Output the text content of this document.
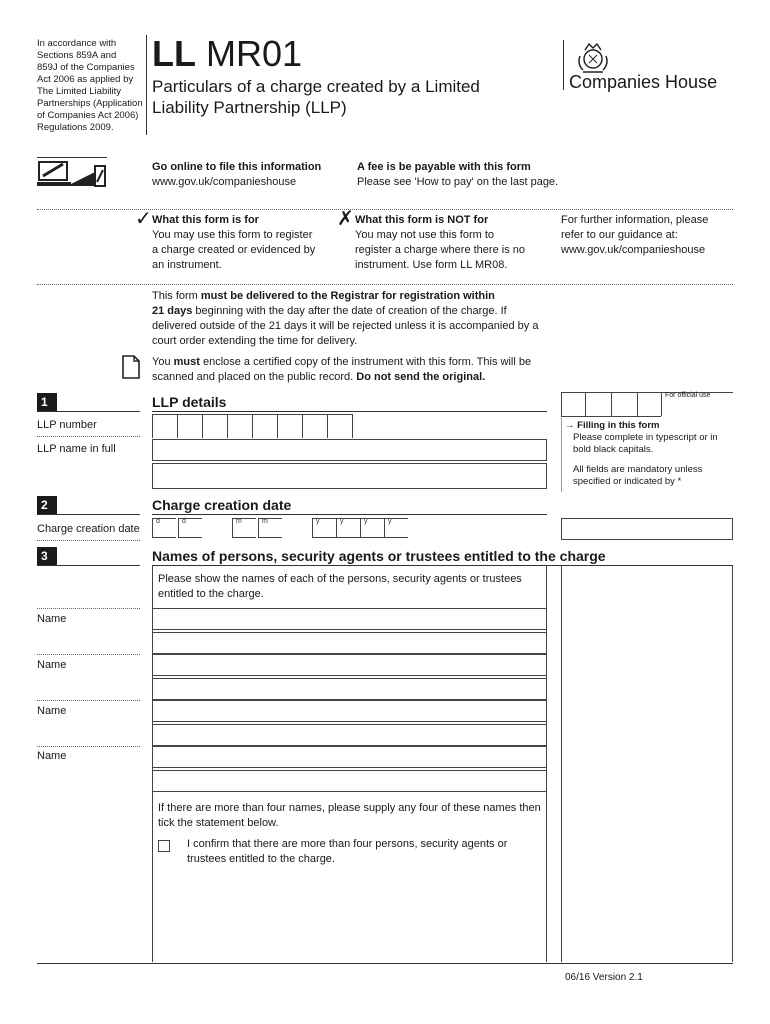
In accordance with
Sections 859A and
859J of the Companies
Act 2006 as applied by
The Limited Liability
Partnerships (Application
of Companies Act 2006)
Regulations 2009.
LL MR01
Particulars of a charge created by a Limited
Liability Partnership (LLP)
Companies House
Go online to file this information
www.gov.uk/companieshouse
A fee is be payable with this form
Please see 'How to pay' on the last page.
✓ What this form is for
You may use this form to register
a charge created or evidenced by
an instrument.
✗ What this form is NOT for
You may not use this form to
register a charge where there is no
instrument. Use form LL MR08.
For further information, please
refer to our guidance at:
www.gov.uk/companieshouse
This form must be delivered to the Registrar for registration within
21 days beginning with the day after the date of creation of the charge. If
delivered outside of the 21 days it will be rejected unless it is accompanied by a
court order extending the time for delivery.
You must enclose a certified copy of the instrument with this form. This will be
scanned and placed on the public record. Do not send the original.
For official use
1	LLP details
LLP number
LLP name in full
→ Filling in this form
Please complete in typescript or in
bold black capitals.
All fields are mandatory unless
specified or indicated by *
2	Charge creation date
Charge creation date
d	d	m	m	y	y	y	y
3	Names of persons, security agents or trustees entitled to the charge
Please show the names of each of the persons, security agents or trustees
entitled to the charge.
Name
Name
Name
Name
If there are more than four names, please supply any four of these names then
tick the statement below.
I confirm that there are more than four persons, security agents or
trustees entitled to the charge.
06/16 Version 2.1
